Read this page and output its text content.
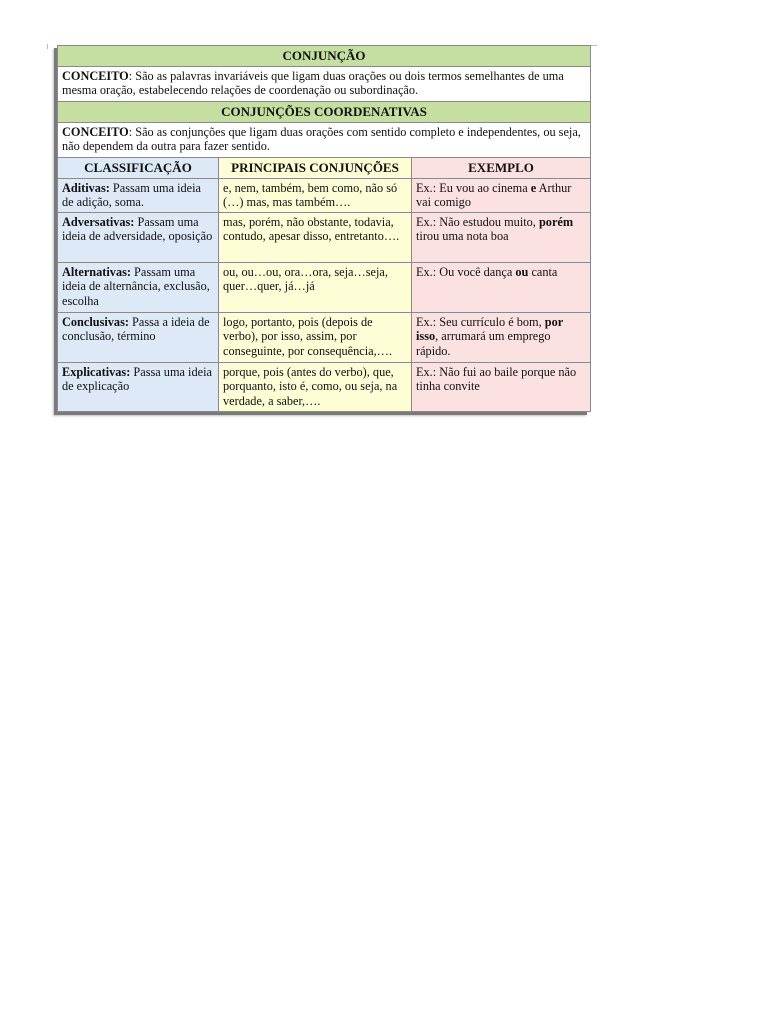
CONJUNÇÃO		
CONCEITO: São as palavras invariáveis que ligam duas orações ou dois termos semelhantes de uma mesma oração, estabelecendo relações de coordenação ou subordinação.		
CONJUNÇÕES COORDENATIVAS		
CONCEITO: São as conjunções que ligam duas orações com sentido completo e independentes, ou seja, não dependem da outra para fazer sentido.		
CLASSIFICAÇÃO	PRINCIPAIS CONJUNÇÕES	EXEMPLO
Aditivas: Passam uma ideia de adição, soma.	e, nem, também, bem como, não só (…) mas, mas também….	Ex.: Eu vou ao cinema e Arthur vai comigo
Adversativas: Passam uma ideia de adversidade, oposição	mas, porém, não obstante, todavia, contudo, apesar disso, entretanto….	Ex.: Não estudou muito, porém tirou uma nota boa
Alternativas: Passam uma ideia de alternância, exclusão, escolha	ou, ou…ou, ora…ora, seja…seja, quer…quer, já…já	Ex.: Ou você dança ou canta
Conclusivas: Passa a ideia de conclusão, término	logo, portanto, pois (depois de verbo), por isso, assim, por conseguinte, por consequência,….	Ex.: Seu currículo é bom, por isso, arrumará um emprego rápido.
Explicativas: Passa uma ideia de explicação	porque, pois (antes do verbo), que, porquanto, isto é, como, ou seja, na verdade, a saber,….	Ex.: Não fui ao baile porque não tinha convite
